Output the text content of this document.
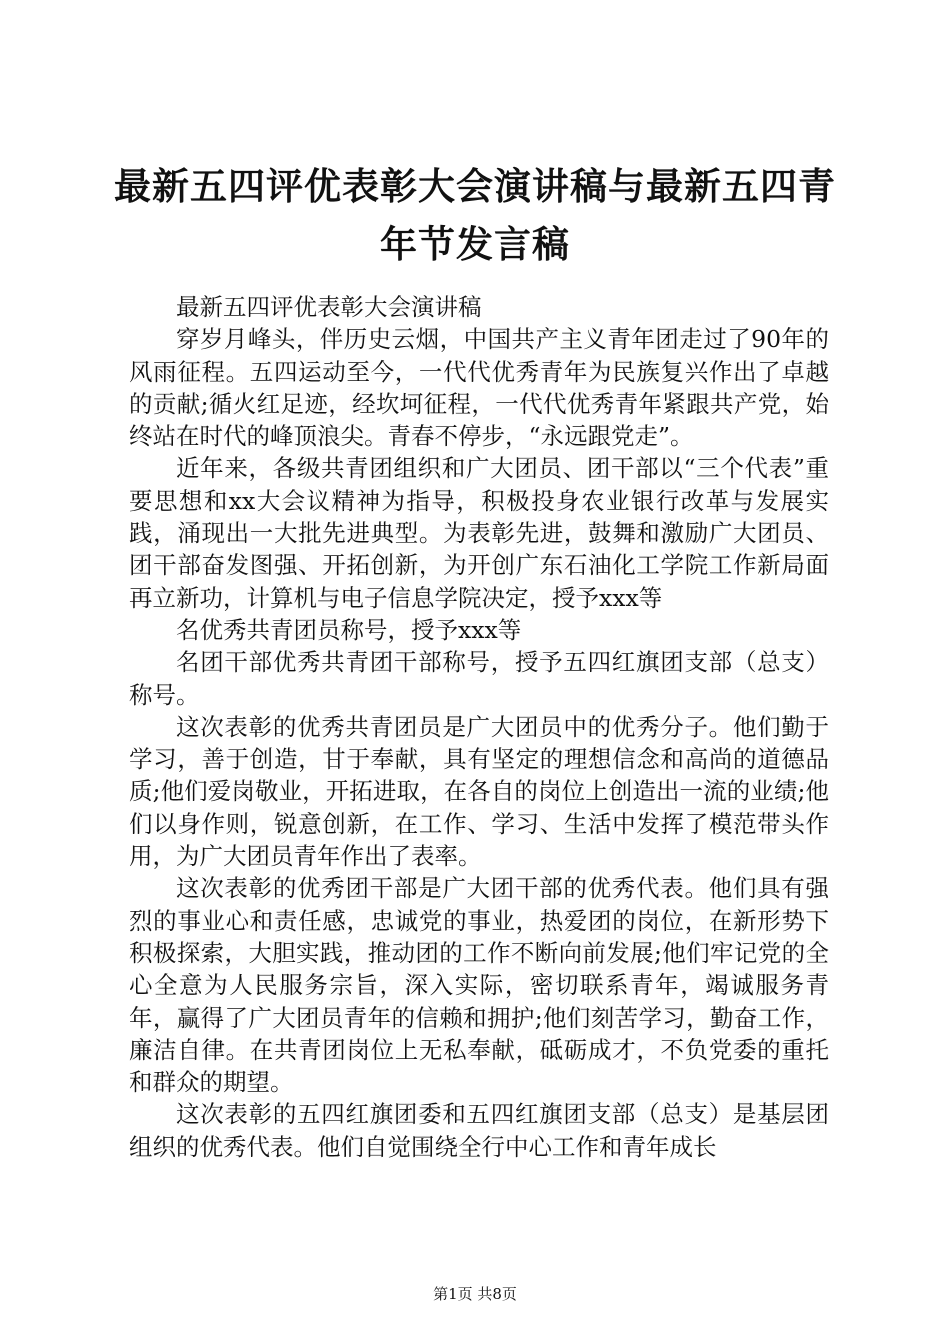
最新五四评优表彰大会演讲稿与最新五四青年节发言稿

最新五四评优表彰大会演讲稿

穿岁月峰头，伴历史云烟，中国共产主义青年团走过了90年的风雨征程。五四运动至今，一代代优秀青年为民族复兴作出了卓越的贡献;循火红足迹，经坎坷征程，一代代优秀青年紧跟共产党，始终站在时代的峰顶浪尖。青春不停步，“永远跟党走”。

近年来，各级共青团组织和广大团员、团干部以“三个代表”重要思想和xx大会议精神为指导，积极投身农业银行改革与发展实践，涌现出一大批先进典型。为表彰先进，鼓舞和激励广大团员、团干部奋发图强、开拓创新，为开创广东石油化工学院工作新局面再立新功，计算机与电子信息学院决定，授予xxx等

名优秀共青团员称号，授予xxx等

名团干部优秀共青团干部称号，授予五四红旗团支部（总支）称号。

这次表彰的优秀共青团员是广大团员中的优秀分子。他们勤于学习，善于创造，甘于奉献，具有坚定的理想信念和高尚的道德品质;他们爱岗敬业，开拓进取，在各自的岗位上创造出一流的业绩;他们以身作则，锐意创新，在工作、学习、生活中发挥了模范带头作用，为广大团员青年作出了表率。

这次表彰的优秀团干部是广大团干部的优秀代表。他们具有强烈的事业心和责任感，忠诚党的事业，热爱团的岗位，在新形势下积极探索，大胆实践，推动团的工作不断向前发展;他们牢记党的全心全意为人民服务宗旨，深入实际，密切联系青年，竭诚服务青年，赢得了广大团员青年的信赖和拥护;他们刻苦学习，勤奋工作，廉洁自律。在共青团岗位上无私奉献，砥砺成才，不负党委的重托和群众的期望。

这次表彰的五四红旗团委和五四红旗团支部（总支）是基层团组织的优秀代表。他们自觉围绕全行中心工作和青年成长

第1页 共8页
